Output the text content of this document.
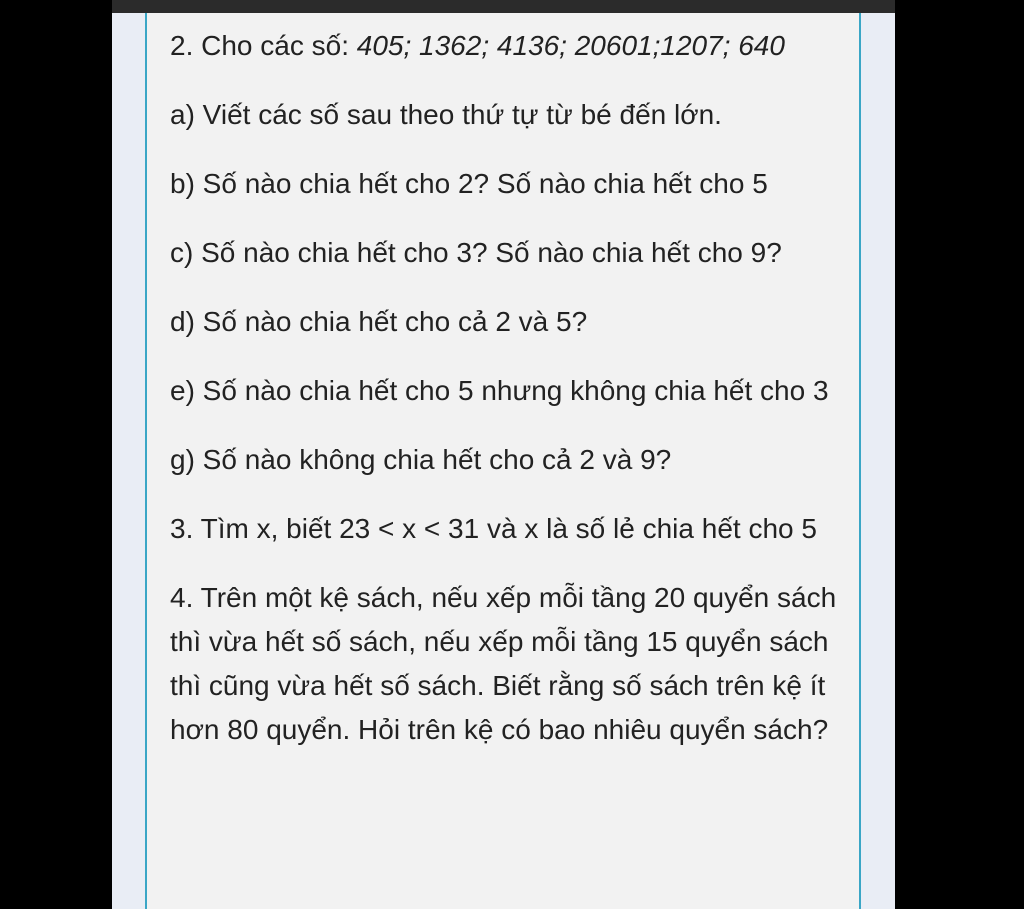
2. Cho các số: 405; 1362; 4136; 20601;1207; 640

a) Viết các số sau theo thứ tự từ bé đến lớn.

b) Số nào chia hết cho 2? Số nào chia hết cho 5

c) Số nào chia hết cho 3? Số nào chia hết cho 9?

d) Số nào chia hết cho cả 2 và 5?

e) Số nào chia hết cho 5 nhưng không chia hết cho 3

g) Số nào không chia hết cho cả 2 và 9?

3. Tìm x, biết 23 < x < 31 và x là số lẻ chia hết cho 5

4. Trên một kệ sách, nếu xếp mỗi tầng 20 quyển sách thì vừa hết số sách, nếu xếp mỗi tầng 15 quyển sách thì cũng vừa hết số sách. Biết rằng số sách trên kệ ít hơn 80 quyển. Hỏi trên kệ có bao nhiêu quyển sách?
